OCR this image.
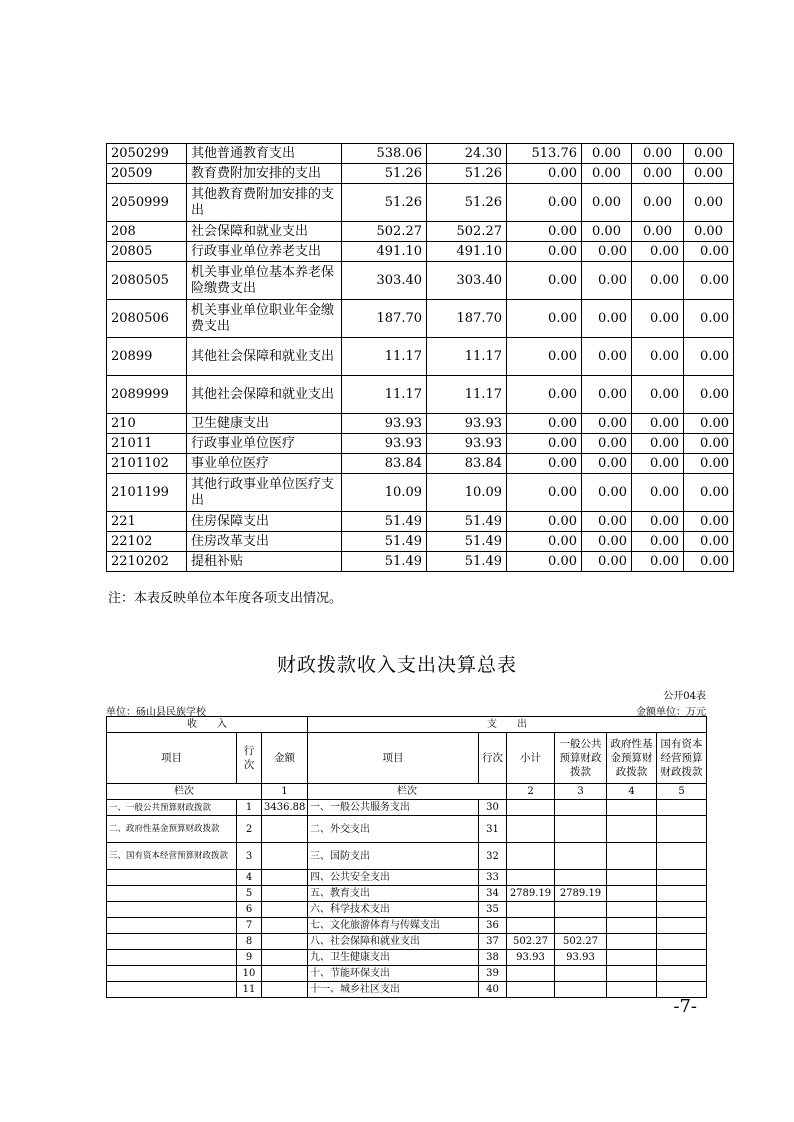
2050299	其他普通教育支出	538.06	24.30	513.76	0.00	0.00	0.00
20509	教育费附加安排的支出	51.26	51.26	0.00	0.00	0.00	0.00
2050999	其他教育费附加安排的支出	51.26	51.26	0.00	0.00	0.00	0.00
208	社会保障和就业支出	502.27	502.27	0.00	0.00	0.00	0.00
20805	行政事业单位养老支出	491.10	491.10	0.00	0.00	0.00	0.00
2080505	机关事业单位基本养老保险缴费支出	303.40	303.40	0.00	0.00	0.00	0.00
2080506	机关事业单位职业年金缴费支出	187.70	187.70	0.00	0.00	0.00	0.00
20899	其他社会保障和就业支出	11.17	11.17	0.00	0.00	0.00	0.00
2089999	其他社会保障和就业支出	11.17	11.17	0.00	0.00	0.00	0.00
210	卫生健康支出	93.93	93.93	0.00	0.00	0.00	0.00
21011	行政事业单位医疗	93.93	93.93	0.00	0.00	0.00	0.00
2101102	事业单位医疗	83.84	83.84	0.00	0.00	0.00	0.00
2101199	其他行政事业单位医疗支出	10.09	10.09	0.00	0.00	0.00	0.00
221	住房保障支出	51.49	51.49	0.00	0.00	0.00	0.00
22102	住房改革支出	51.49	51.49	0.00	0.00	0.00	0.00
2210202	提租补贴	51.49	51.49	0.00	0.00	0.00	0.00
注：本表反映单位本年度各项支出情况。
财政拨款收入支出决算总表
公开04表
单位：砀山县民族学校	金额单位：万元
收　　入			支　　出					
项目	行次	金额	项目	行次	小计	一般公共预算财政拨款	政府性基金预算财政拨款	国有资本经营预算财政拨款
栏次		1	栏次		2	3	4	5
一、一般公共预算财政拨款	1	3436.88	一、一般公共服务支出	30				
二、政府性基金预算财政拨款	2		二、外交支出	31				
三、国有资本经营预算财政拨款	3		三、国防支出	32				
	4		四、公共安全支出	33				
	5		五、教育支出	34	2789.19	2789.19		
	6		六、科学技术支出	35				
	7		七、文化旅游体育与传媒支出	36				
	8		八、社会保障和就业支出	37	502.27	502.27		
	9		九、卫生健康支出	38	93.93	93.93		
	10		十、节能环保支出	39				
	11		十一、城乡社区支出	40				
-7-
